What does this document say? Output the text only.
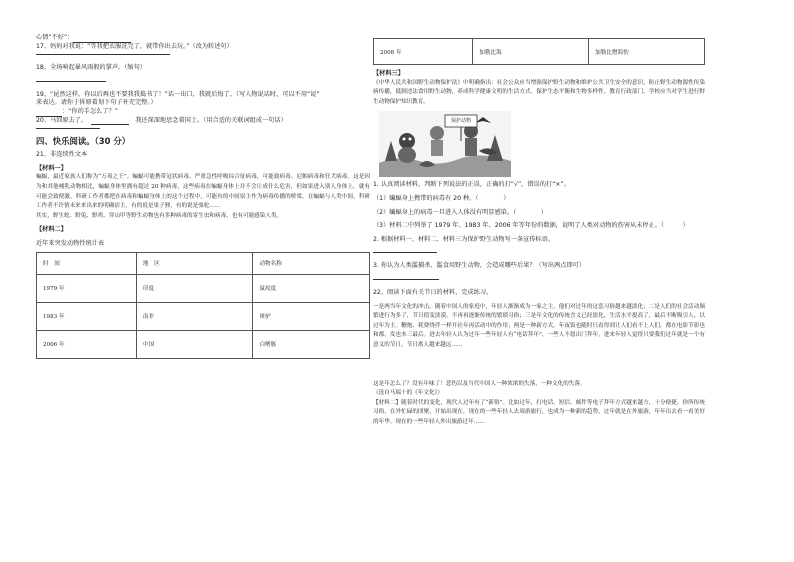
心情“不好”：

17、妈妈对我说：“等我把衣服洗完了，就带你出去玩。”（改为转述句）

18、全场响起暴风雨般的掌声。（缩句）

19、“昆然这样，你以后再也不要我我捣书了！”话一出口，我就后悔了。（写人物说话时，可以不用“说”

来表达。请你于拆原着划下句子补充完整。）

：“你的手怎么了？”

20、马回原去了。	我还深深地思念着国土。（用合适的关联词组成一句话）

四、快乐阅读。（30 分）

21、非连续性文本

【材料一】

蝙蝠，最近家族人们称为“万毒之王”。蝙蝠可能携带冠状病毒、严重急性呼吸综合征病毒，可能致病毒、尼帕病毒和狂犬病毒。这是因为和其他哺乳动物相比，蝙蝠身体里拥有超过 20 种病毒，这些病毒在蝙蝠身体上并不会让成什么危害，但如果进入别人身体上，就有可能会致便激。科研工作者都把在病毒和蝙蝠身体上的这个过程中，可能有的中间宿主作为病毒传播的桥梁。在蝙蝠与人类中间，科研工作者不许情未来来出来的明确宿主，有的说是果子狸，有的说是骆驼……

其实，野生蛇、野兔、野鸡、穿山甲等野生动物也有多种病毒的寄生虫和病毒，也有可能感染人类。

【材料二】

近年来突发动物性统计表

时　间	地　区	动物名称
1979 年	印度	鼠疫度
1983 年	南非	斑驴
2006 年	中国	白鳍豚
2008 年	加勒比海	加勒比僧海豹

【材料三】

《中华人民共和国野生动物保护法》中明确指出：社会公众应当增强保护野生动物和维护公共卫生安全的意识，防止野生动物源性传染病传播，抵制违法食用野生动物，养成科学健康文明的生活方式。保护生态平衡和生物多样性。教育行政部门、学校应当对学生进行野生动物保护知识教育。

保护动物

1. 认真阅读材料，判断下列说法的正误，正确的打“√”，错误的打“×”。

（1）蝙蝠身上携带的病毒有 20 种。（　　　　）

（2）蝙蝠身上的病毒一旦进入人体没有明显感染。（　　　　）

（3）材料二中列举了 1979 年、1983 年、2006 年等年份的数据，说明了人类对动物的伤害从未停止。（　　　）

2. 根据材料一、材料二、材料三为保护野生动物写一条宣传标语。

3. 你认为人类滥捕杀、滥食用野生动物，会造成哪些后果？（写出两点即可）

22、阅读下面有关节日的材料，完成练习。

一是两当年文化的冲击。随着中国人的家庭中，年轻人渐渐成为一家之主，他们对过年的这套习俗越来越淡化；二是人们的社会活动频繁进行为多了，节日值变淡漠，不再再逐渐传统的繁琐习俗；三是年文化的传统含义已经淡化，生活水平提高了，最后不断吸引人。以过年为主。鞭炮、耗费绕伴一样开社年再活动中的作用；两是一种新方式，年夜饭也随时只看得到让人们看不上人们，都在电影节影也和都。发也本三最后。进去年轻人认为过年一些年轻人有“电话拜年”，一些人不愿出门拜年，进来年轻人觉得只要我们过年就是一个有意义的节日，节日离人越来越远……

这是年怎么了？没有年味了！悲伤以及当代中国人一种浓浓的失落，一种文化的失落。

（选自马瑞十的《年文化》）

【材料二】随着时代的变化，现代人过年有了“新俗”。比如过年，打电话、短信、邮件等电子拜年方式越来越方，十分便捷。你所传统习俗，在外忙碌的团聚，开始出现在，现在的一些年轻人去周游旅行，也成为一种新的趋势，过年就是在外旅游，年年出去看一看美好的年华。现在的一些年轻人外出旅游过年……
